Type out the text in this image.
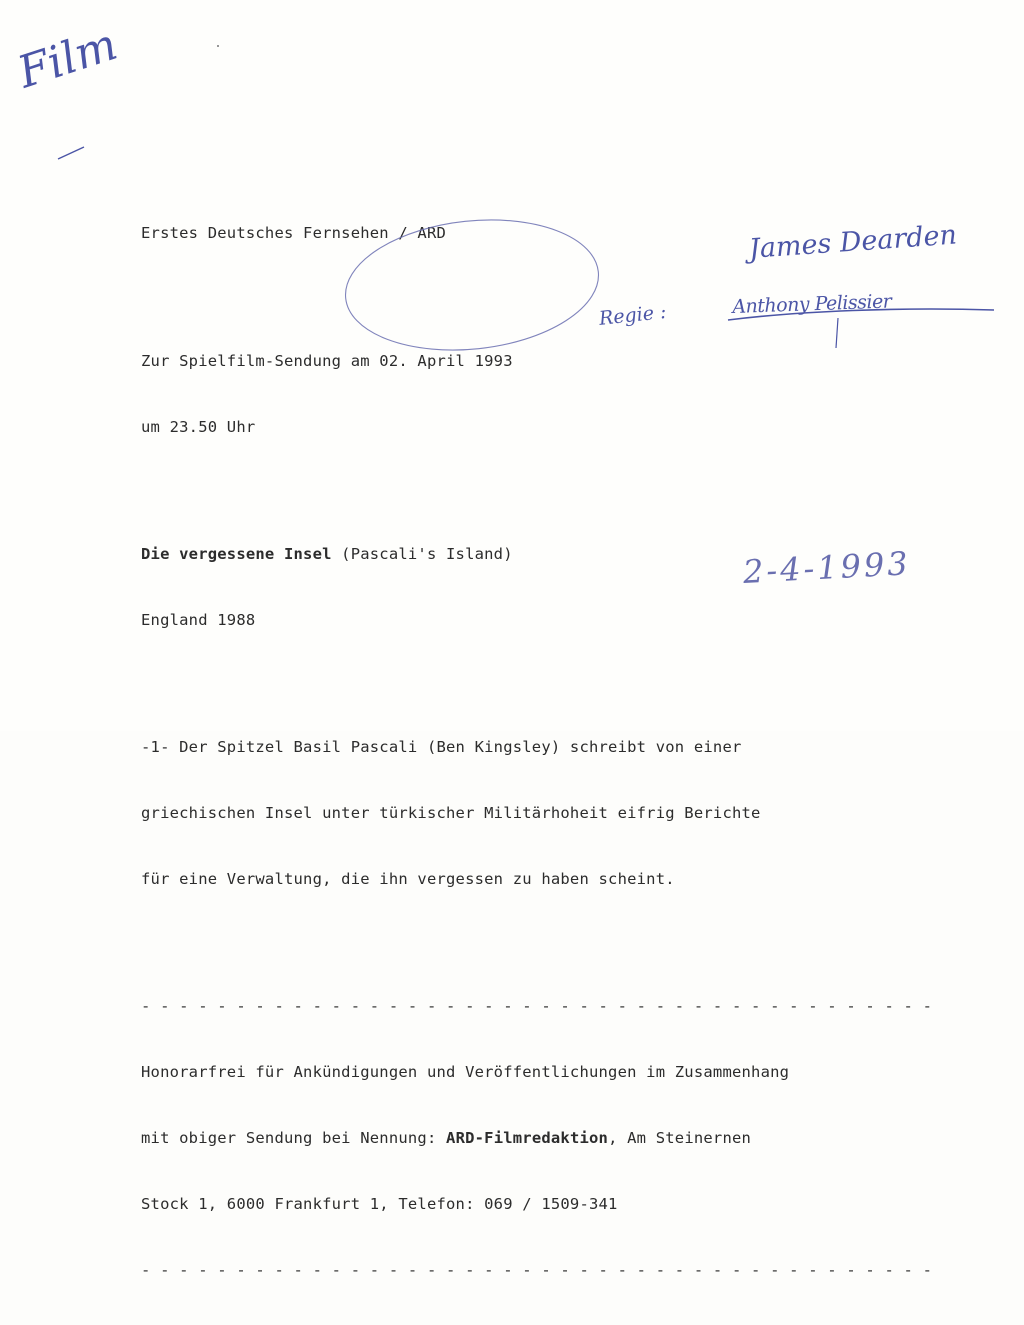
Erstes Deutsches Fernsehen / ARD

Zur Spielfilm-Sendung am 02. April 1993

um 23.50 Uhr

Die vergessene Insel (Pascali's Island)

England 1988

-1- Der Spitzel Basil Pascali (Ben Kingsley) schreibt von einer

griechischen Insel unter türkischer Militärhoheit eifrig Berichte

für eine Verwaltung, die ihn vergessen zu haben scheint.

- - - - - - - - - - - - - - - - - - - - - - - - - - - - - - - - - - - - - - - - - -

Honorarfrei für Ankündigungen und Veröffentlichungen im Zusammenhang

mit obiger Sendung bei Nennung: ARD-Filmredaktion, Am Steinernen

Stock 1, 6000 Frankfurt 1, Telefon: 069 / 1509-341

- - - - - - - - - - - - - - - - - - - - - - - - - - - - - - - - - - - - - - - - - -

Film
James Dearden
Regie :	Anthony Pelissier
2-4-1993
